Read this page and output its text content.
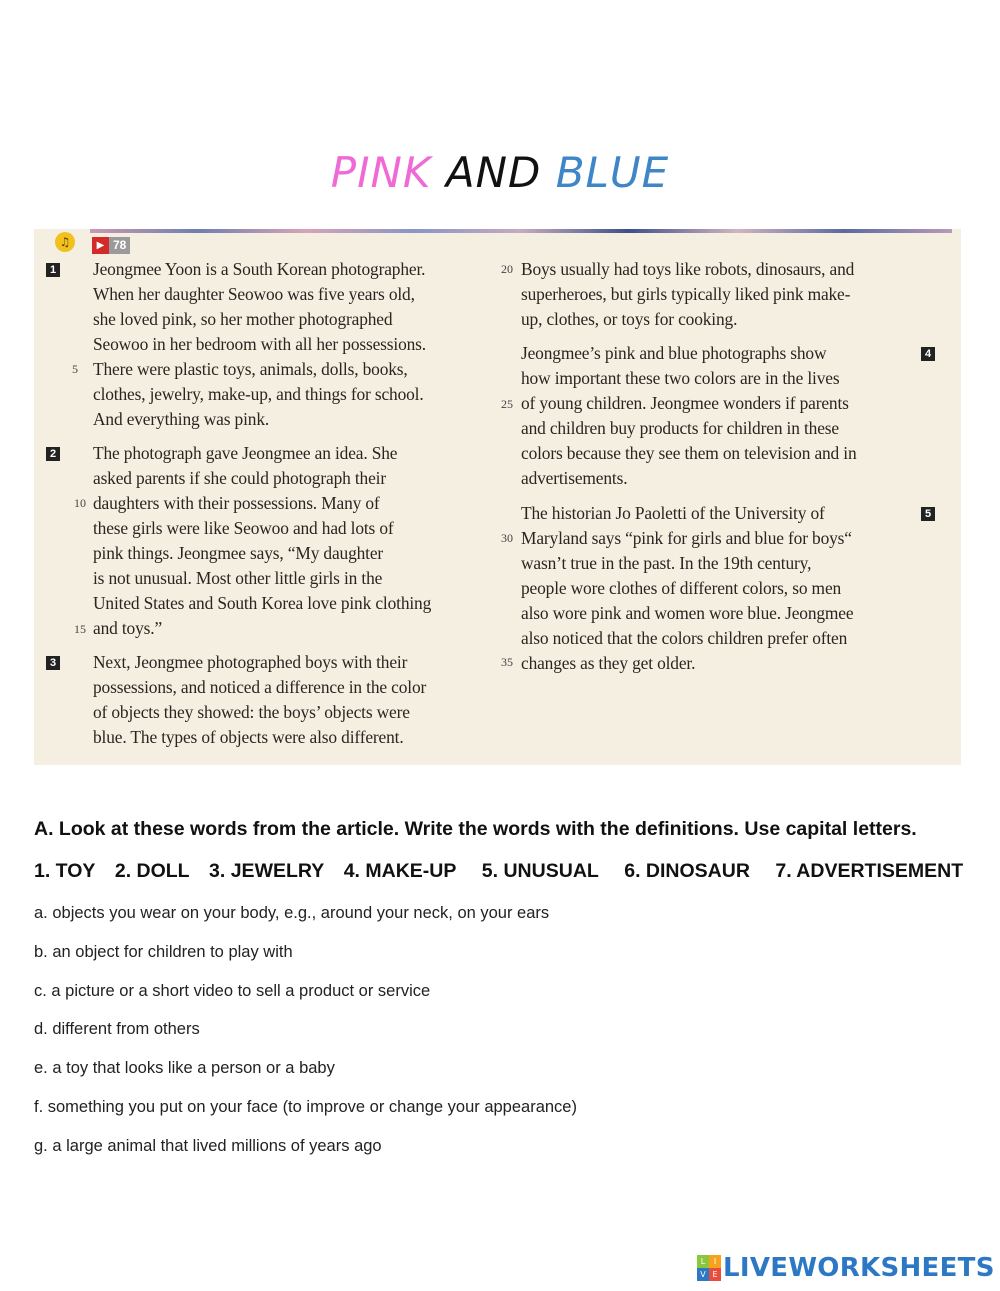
PINK AND BLUE
♫	▶ 78
5
10
15
20
25
30
35
Jeongmee Yoon is a South Korean photographer.
When her daughter Seowoo was five years old,
she loved pink, so her mother photographed
Seowoo in her bedroom with all her possessions.
There were plastic toys, animals, dolls, books,
clothes, jewelry, make-up, and things for school.
And everything was pink.
1
The photograph gave Jeongmee an idea. She
asked parents if she could photograph their
daughters with their possessions. Many of
these girls were like Seowoo and had lots of
pink things. Jeongmee says, “My daughter
is not unusual. Most other little girls in the
United States and South Korea love pink clothing
and toys.”
2
Next, Jeongmee photographed boys with their
possessions, and noticed a difference in the color
of objects they showed: the boys’ objects were
blue. The types of objects were also different.
3
Boys usually had toys like robots, dinosaurs, and
superheroes, but girls typically liked pink make-
up, clothes, or toys for cooking.
Jeongmee’s pink and blue photographs show
how important these two colors are in the lives
of young children. Jeongmee wonders if parents
and children buy products for children in these
colors because they see them on television and in
advertisements.
4
The historian Jo Paoletti of the University of
Maryland says “pink for girls and blue for boys“
wasn’t true in the past. In the 19th century,
people wore clothes of different colors, so men
also wore pink and women wore blue. Jeongmee
also noticed that the colors children prefer often
changes as they get older.
5
A. Look at these words from the article. Write the words with the definitions. Use capital letters.
1. TOY 2. DOLL 3. JEWELRY 4. MAKE-UP 5. UNUSUAL 6. DINOSAUR 7. ADVERTISEMENT
a. objects you wear on your body, e.g., around your neck, on your ears
b. an object for children to play with
c. a picture or a short video to sell a product or service
d. different from others
e. a toy that looks like a person or a baby
f. something you put on your face (to improve or change your appearance)
g. a large animal that lived millions of years ago
L	I
V E LIVEWORKSHEETS
